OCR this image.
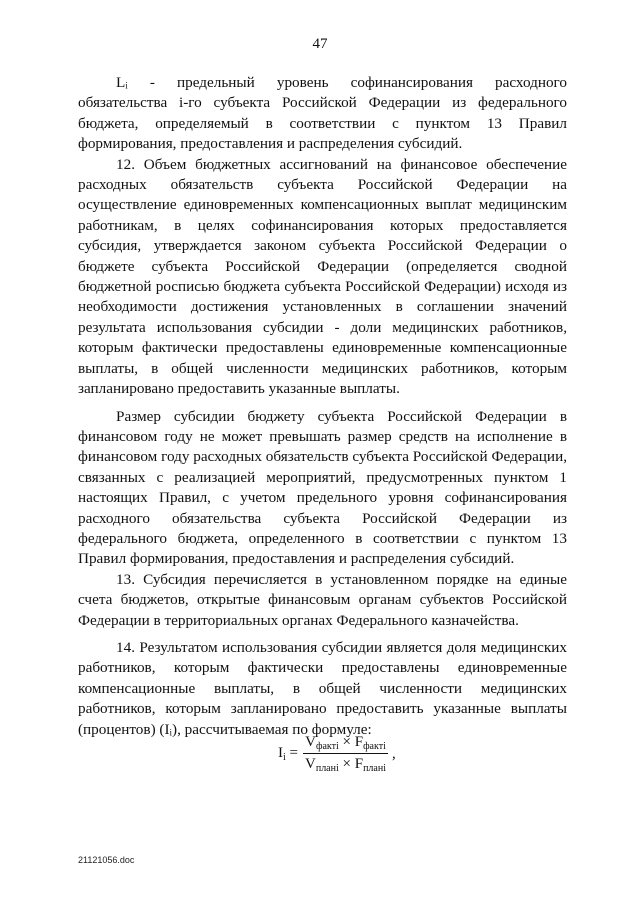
47

Lᵢ - предельный уровень софинансирования расходного обязательства i-го субъекта Российской Федерации из федерального бюджета, определяемый в соответствии с пунктом 13 Правил формирования, предоставления и распределения субсидий.

12. Объем бюджетных ассигнований на финансовое обеспечение расходных обязательств субъекта Российской Федерации на осуществление единовременных компенсационных выплат медицинским работникам, в целях софинансирования которых предоставляется субсидия, утверждается законом субъекта Российской Федерации о бюджете субъекта Российской Федерации (определяется сводной бюджетной росписью бюджета субъекта Российской Федерации) исходя из необходимости достижения установленных в соглашении значений результата использования субсидии - доли медицинских работников, которым фактически предоставлены единовременные компенсационные выплаты, в общей численности медицинских работников, которым запланировано предоставить указанные выплаты.

Размер субсидии бюджету субъекта Российской Федерации в финансовом году не может превышать размер средств на исполнение в финансовом году расходных обязательств субъекта Российской Федерации, связанных с реализацией мероприятий, предусмотренных пунктом 1 настоящих Правил, с учетом предельного уровня софинансирования расходного обязательства субъекта Российской Федерации из федерального бюджета, определенного в соответствии с пунктом 13 Правил формирования, предоставления и распределения субсидий.

13. Субсидия перечисляется в установленном порядке на единые счета бюджетов, открытые финансовым органам субъектов Российской Федерации в территориальных органах Федерального казначейства.

14. Результатом использования субсидии является доля медицинских работников, которым фактически предоставлены единовременные компенсационные выплаты, в общей численности медицинских работников, которым запланировано предоставить указанные выплаты (процентов) (Iᵢ), рассчитываемая по формуле:

$I_i = \frac{V_{факті} \times F_{факті}}{V_{планi} \times F_{планi}}$ ,
21121056.doc
